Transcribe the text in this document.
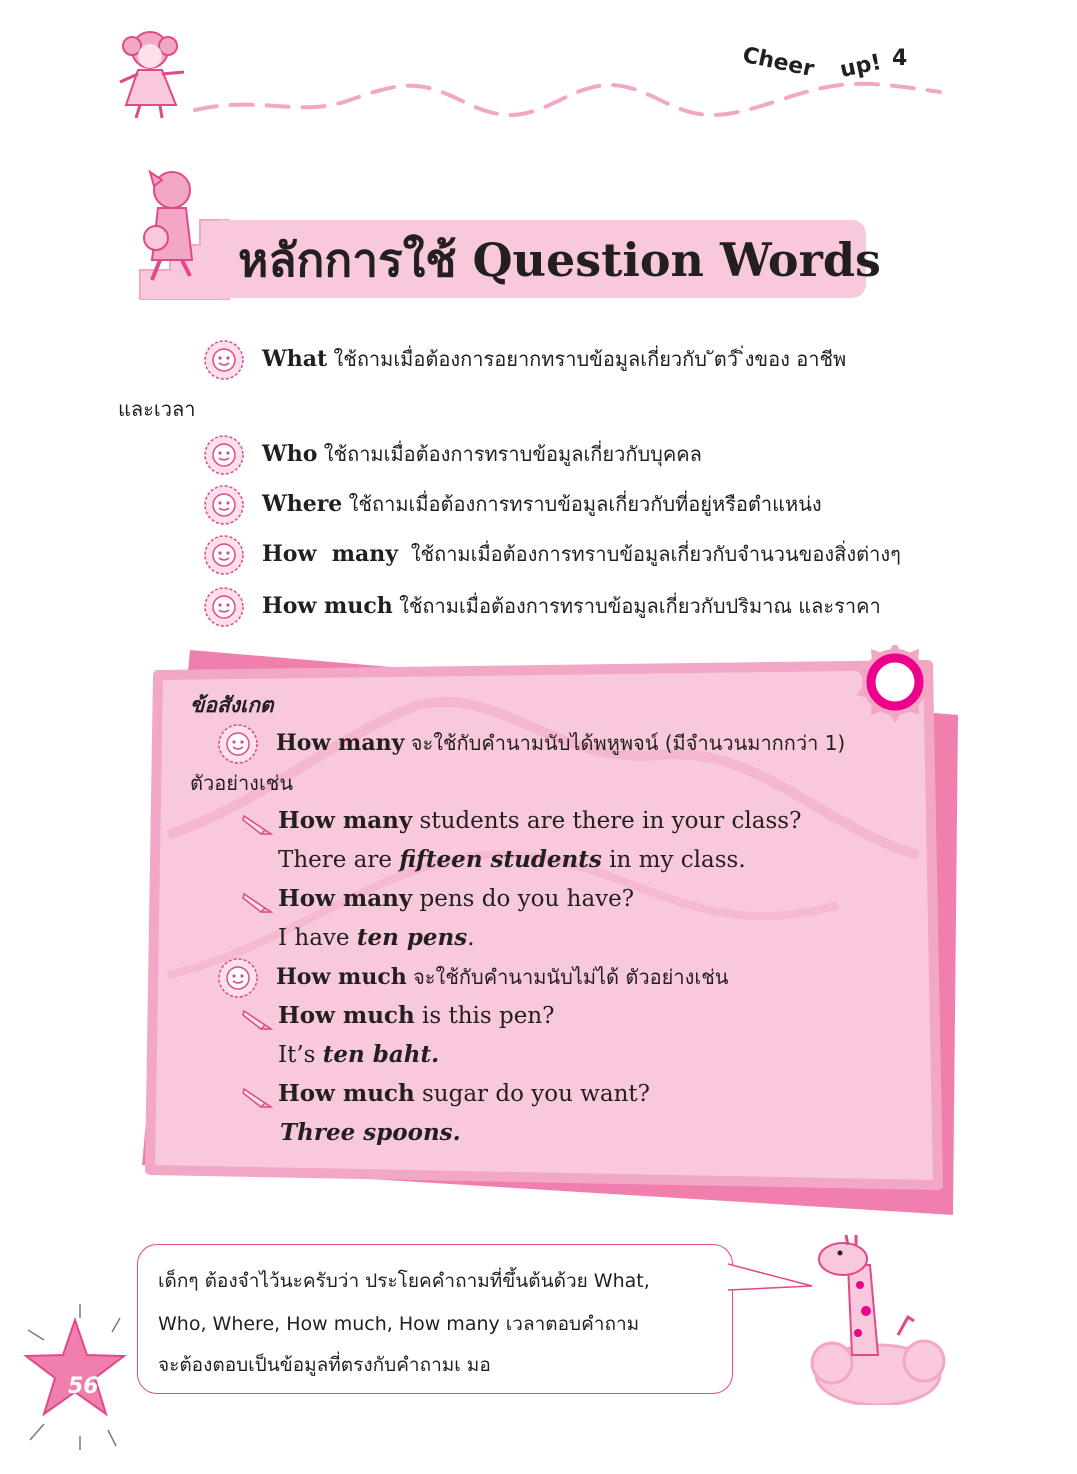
Cheer up! 4
หลักการใช้ Question Words
What ใช้ถามเมื่อต้องการอยากทราบข้อมูลเกี่ยวกับ ัตว์ ิ่งของ อาชีพ
และเวลา
Who ใช้ถามเมื่อต้องการทราบข้อมูลเกี่ยวกับบุคคล
Where ใช้ถามเมื่อต้องการทราบข้อมูลเกี่ยวกับที่อยู่หรือตำแหน่ง
How  many  ใช้ถามเมื่อต้องการทราบข้อมูลเกี่ยวกับจำนวนของสิ่งต่างๆ
How much ใช้ถามเมื่อต้องการทราบข้อมูลเกี่ยวกับปริมาณ และราคา
ข้อสังเกต
How many จะใช้กับคำนามนับได้พหูพจน์ (มีจำนวนมากกว่า 1)
ตัวอย่างเช่น
How many students are there in your class?
There are fifteen students in my class.
How many pens do you have?
I have ten pens.
How much จะใช้กับคำนามนับไม่ได้ ตัวอย่างเช่น
How much is this pen?
It’s ten baht.
How much sugar do you want?
Three spoons.
เด็กๆ ต้องจำไว้นะครับว่า ประโยคคำถามที่ขึ้นต้นด้วย What,
Who, Where, How much, How many เวลาตอบคำถาม
จะต้องตอบเป็นข้อมูลที่ตรงกับคำถามเ มอ
56
